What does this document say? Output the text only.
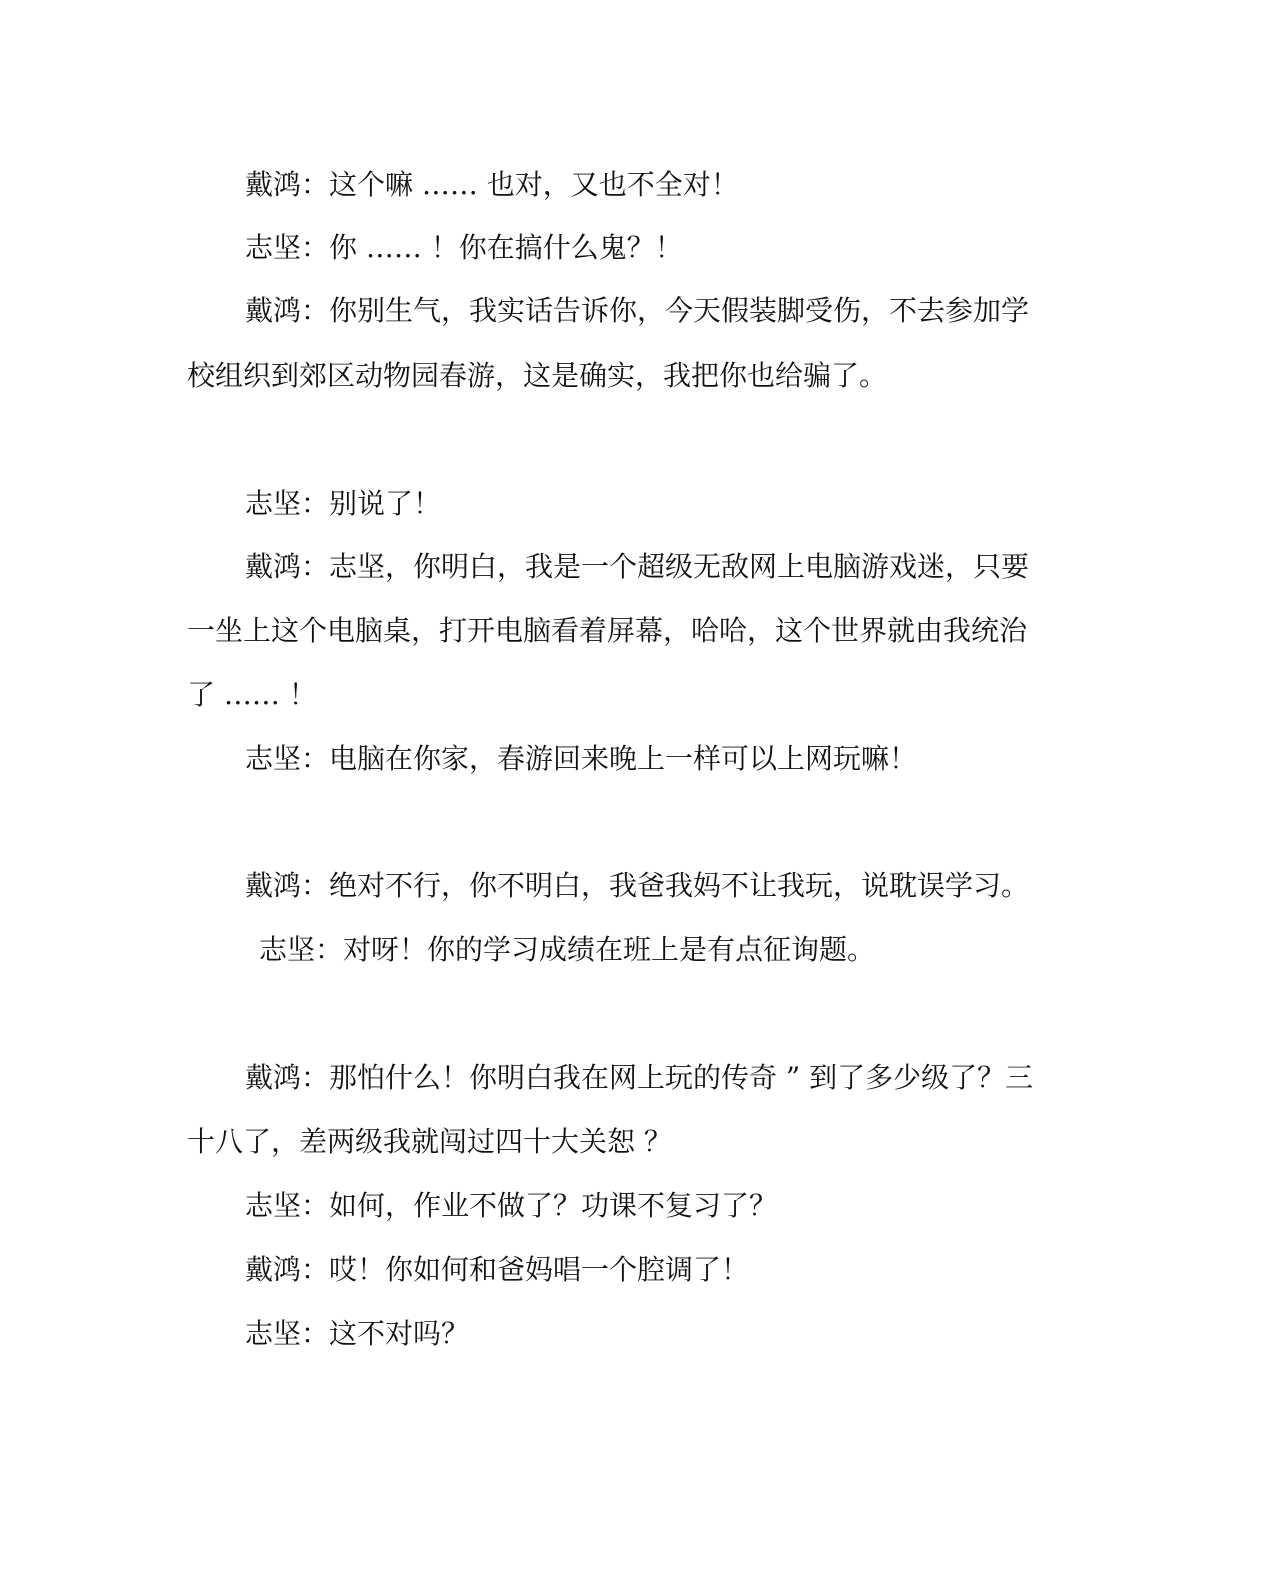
戴鸿：这个嘛 …… 也对，又也不全对！
志坚：你 …… ！你在搞什么鬼？！
戴鸿：你别生气，我实话告诉你，今天假装脚受伤，不去参加学
校组织到郊区动物园春游，这是确实，我把你也给骗了。
志坚：别说了！
戴鸿：志坚，你明白，我是一个超级无敌网上电脑游戏迷，只要
一坐上这个电脑桌，打开电脑看着屏幕，哈哈，这个世界就由我统治
了 …… ！
志坚：电脑在你家，春游回来晚上一样可以上网玩嘛！
戴鸿：绝对不行，你不明白，我爸我妈不让我玩，说耽误学习。
志坚：对呀！你的学习成绩在班上是有点征询题。
戴鸿：那怕什么！你明白我在网上玩的传奇 ” 到了多少级了？三
十八了，差两级我就闯过四十大关恕 ？
志坚：如何，作业不做了？功课不复习了？
戴鸿：哎！你如何和爸妈唱一个腔调了！
志坚：这不对吗？
